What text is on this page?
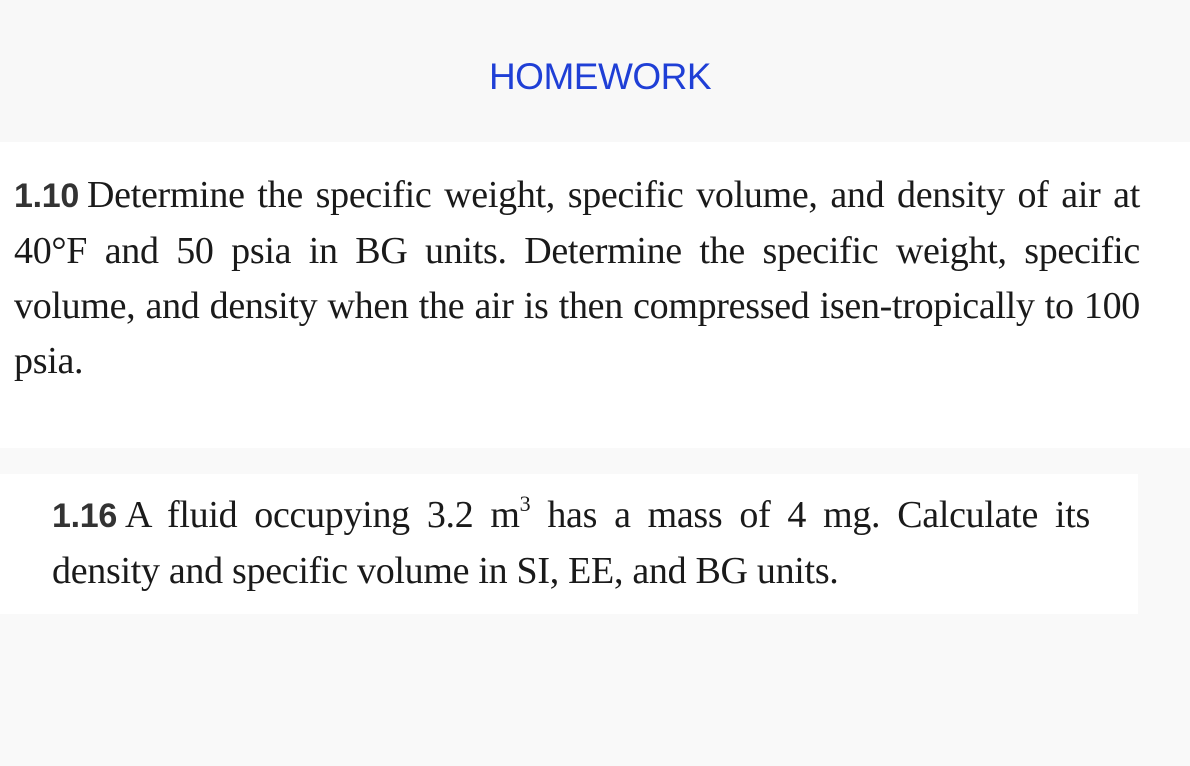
HOMEWORK

1.10 Determine the specific weight, specific volume, and density of air at 40°F and 50 psia in BG units. Determine the specific weight, specific volume, and density when the air is then compressed isen-tropically to 100 psia.

1.16 A fluid occupying 3.2 $m^3$ has a mass of 4 mg. Calculate its density and specific volume in SI, EE, and BG units.
